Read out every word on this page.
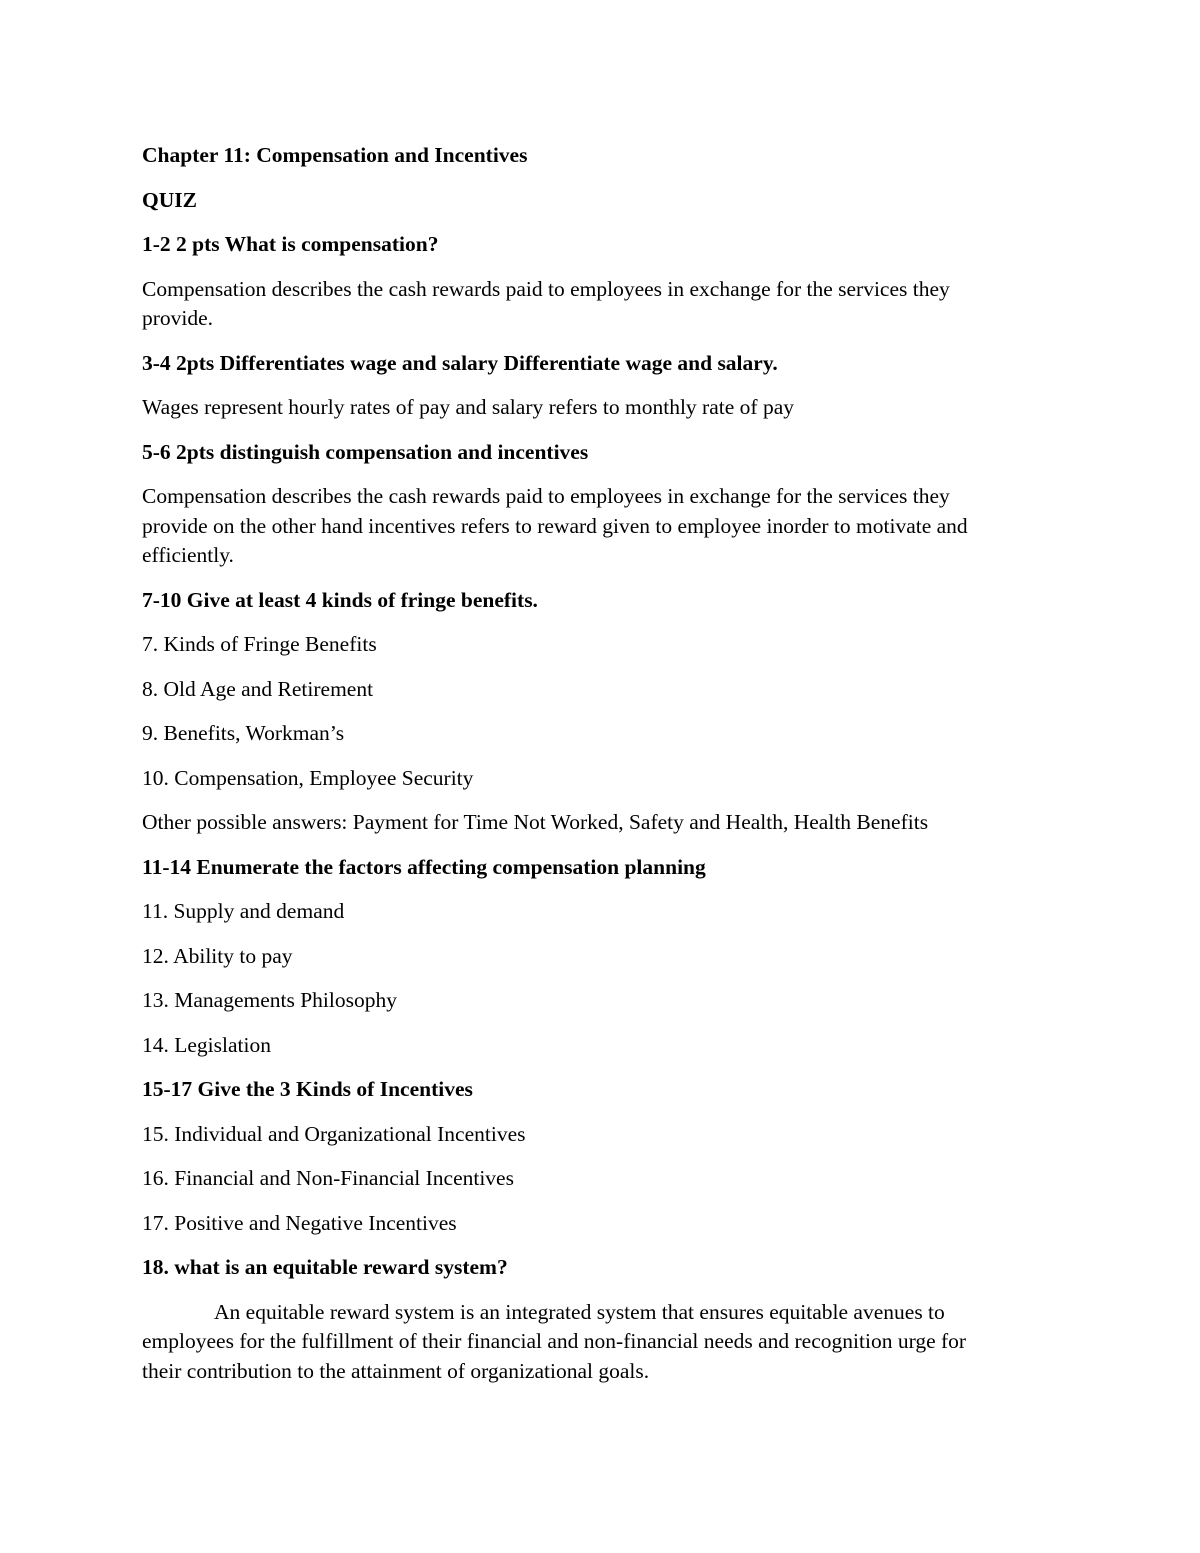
Chapter 11: Compensation and Incentives

QUIZ

1-2 2 pts What is compensation?

Compensation describes the cash rewards paid to employees in exchange for the services they

provide.

3-4 2pts Differentiates wage and salary Differentiate wage and salary.

Wages represent hourly rates of pay and salary refers to monthly rate of pay

5-6 2pts distinguish compensation and incentives

Compensation describes the cash rewards paid to employees in exchange for the services they

provide on the other hand incentives refers to reward given to employee inorder to motivate and

efficiently.

7-10 Give at least 4 kinds of fringe benefits.

7. Kinds of Fringe Benefits

8. Old Age and Retirement

9. Benefits, Workman’s

10. Compensation, Employee Security

Other possible answers: Payment for Time Not Worked, Safety and Health, Health Benefits

11-14 Enumerate the factors affecting compensation planning

11. Supply and demand

12. Ability to pay

13. Managements Philosophy

14. Legislation

15-17 Give the 3 Kinds of Incentives

15. Individual and Organizational Incentives

16. Financial and Non-Financial Incentives

17. Positive and Negative Incentives

18. what is an equitable reward system?

An equitable reward system is an integrated system that ensures equitable avenues to

employees for the fulfillment of their financial and non-financial needs and recognition urge for

their contribution to the attainment of organizational goals.
